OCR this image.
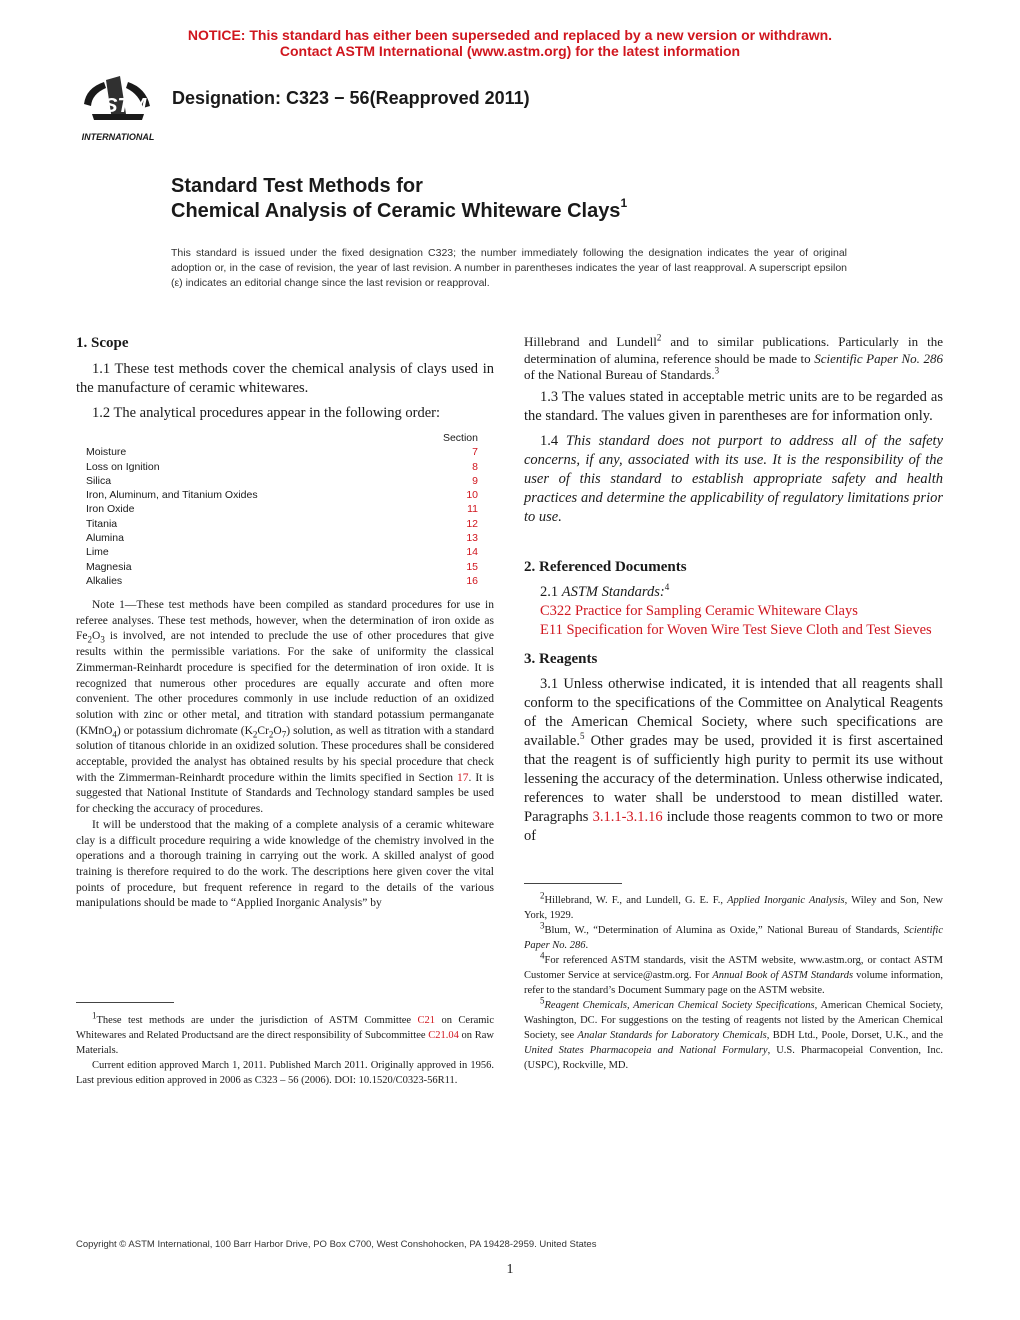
NOTICE: This standard has either been superseded and replaced by a new version or withdrawn.
Contact ASTM International (www.astm.org) for the latest information
ASTM
INTERNATIONAL
Designation: C323 − 56(Reapproved 2011)
Standard Test Methods for
Chemical Analysis of Ceramic Whiteware Clays$^1$
This standard is issued under the fixed designation C323; the number immediately following the designation indicates the year of original adoption or, in the case of revision, the year of last revision. A number in parentheses indicates the year of last reapproval. A superscript epsilon (ε) indicates an editorial change since the last revision or reapproval.
1. Scope

1.1 These test methods cover the chemical analysis of clays used in the manufacture of ceramic whitewares.

1.2 The analytical procedures appear in the following order:

Section
Moisture	7
Loss on Ignition	8
Silica	9
Iron, Aluminum, and Titanium Oxides	10
Iron Oxide	11
Titania	12
Alumina	13
Lime	14
Magnesia	15
Alkalies	16

Note 1—These test methods have been compiled as standard procedures for use in referee analyses. These test methods, however, when the determination of iron oxide as $Fe_2O_3$ is involved, are not intended to preclude the use of other procedures that give results within the permissible variations. For the sake of uniformity the classical Zimmerman-Reinhardt procedure is specified for the determination of iron oxide. It is recognized that numerous other procedures are equally accurate and often more convenient. The other procedures commonly in use include reduction of an oxidized solution with zinc or other metal, and titration with standard potassium permanganate (KMnO$_4$) or potassium dichromate $(K_2Cr_2O_7)$ solution, as well as titration with a standard solution of titanous chloride in an oxidized solution. These procedures shall be considered acceptable, provided the analyst has obtained results by his special procedure that check with the Zimmerman-Reinhardt procedure within the limits specified in Section 17. It is suggested that National Institute of Standards and Technology standard samples be used for checking the accuracy of procedures.

It will be understood that the making of a complete analysis of a ceramic whiteware clay is a difficult procedure requiring a wide knowledge of the chemistry involved in the operations and a thorough training in carrying out the work. A skilled analyst of good training is therefore required to do the work. The descriptions here given cover the vital points of procedure, but frequent reference in regard to the details of the various manipulations should be made to “Applied Inorganic Analysis” by

1These test methods are under the jurisdiction of ASTM Committee C21 on Ceramic Whitewares and Related Productsand are the direct responsibility of Subcommittee C21.04 on Raw Materials.

Current edition approved March 1, 2011. Published March 2011. Originally approved in 1956. Last previous edition approved in 2006 as C323 – 56 (2006). DOI: 10.1520/C0323-56R11.

Hillebrand and Lundell$^2$ and to similar publications. Particularly in the determination of alumina, reference should be made to Scientific Paper No. 286 of the National Bureau of Standards.$^3$

1.3 The values stated in acceptable metric units are to be regarded as the standard. The values given in parentheses are for information only.

1.4 This standard does not purport to address all of the safety concerns, if any, associated with its use. It is the responsibility of the user of this standard to establish appropriate safety and health practices and determine the applicability of regulatory limitations prior to use.

2. Referenced Documents

2.1 ASTM Standards:$^4$

C322 Practice for Sampling Ceramic Whiteware Clays

E11 Specification for Woven Wire Test Sieve Cloth and Test Sieves

3. Reagents

3.1 Unless otherwise indicated, it is intended that all reagents shall conform to the specifications of the Committee on Analytical Reagents of the American Chemical Society, where such specifications are available.$^5$ Other grades may be used, provided it is first ascertained that the reagent is of sufficiently high purity to permit its use without lessening the accuracy of the determination. Unless otherwise indicated, references to water shall be understood to mean distilled water. Paragraphs 3.1.1-3.1.16 include those reagents common to two or more of

2Hillebrand, W. F., and Lundell, G. E. F., Applied Inorganic Analysis, Wiley and Son, New York, 1929.

3Blum, W., “Determination of Alumina as Oxide,” National Bureau of Standards, Scientific Paper No. 286.

4For referenced ASTM standards, visit the ASTM website, www.astm.org, or contact ASTM Customer Service at service@astm.org. For Annual Book of ASTM Standards volume information, refer to the standard’s Document Summary page on the ASTM website.

5Reagent Chemicals, American Chemical Society Specifications, American Chemical Society, Washington, DC. For suggestions on the testing of reagents not listed by the American Chemical Society, see Analar Standards for Laboratory Chemicals, BDH Ltd., Poole, Dorset, U.K., and the United States Pharmacopeia and National Formulary, U.S. Pharmacopeial Convention, Inc. (USPC), Rockville, MD.

Copyright © ASTM International, 100 Barr Harbor Drive, PO Box C700, West Conshohocken, PA 19428-2959. United States
1
